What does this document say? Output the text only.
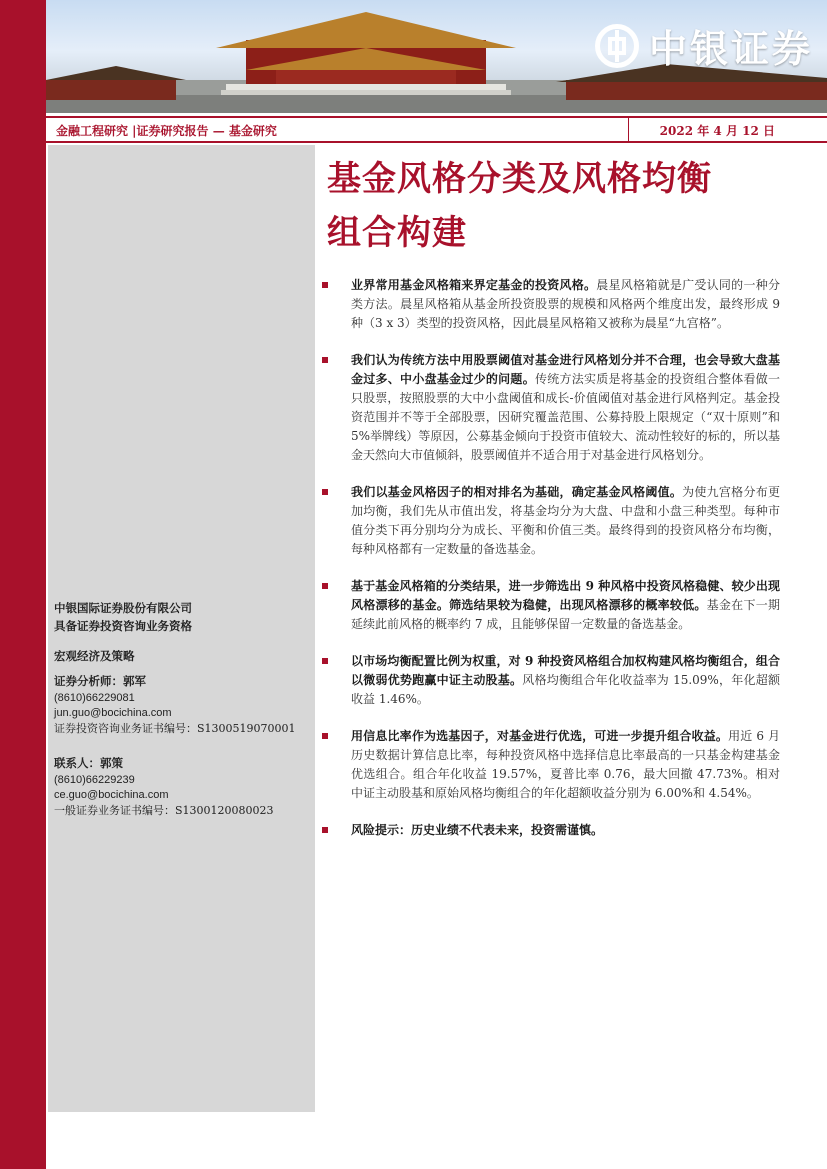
中银证券
金融工程研究 |证券研究报告 — 基金研究	2022 年 4 月 12 日
中银国际证券股份有限公司
具备证券投资咨询业务资格
宏观经济及策略
证券分析师：郭军
(8610)66229081
jun.guo@bocichina.com
证券投资咨询业务证书编号：S1300519070001
联系人：郭策
(8610)66229239
ce.guo@bocichina.com
一般证券业务证书编号：S1300120080023
基金风格分类及风格均衡
组合构建
业界常用基金风格箱来界定基金的投资风格。晨星风格箱就是广受认同的一种分类方法。晨星风格箱从基金所投资股票的规模和风格两个维度出发，最终形成 9 种（3 x 3）类型的投资风格，因此晨星风格箱又被称为晨星“九宫格”。
我们认为传统方法中用股票阈值对基金进行风格划分并不合理，也会导致大盘基金过多、中小盘基金过少的问题。传统方法实质是将基金的投资组合整体看做一只股票，按照股票的大中小盘阈值和成长-价值阈值对基金进行风格判定。基金投资范围并不等于全部股票，因研究覆盖范围、公募持股上限规定（“双十原则”和 5%举牌线）等原因，公募基金倾向于投资市值较大、流动性较好的标的，所以基金天然向大市值倾斜，股票阈值并不适合用于对基金进行风格划分。
我们以基金风格因子的相对排名为基础，确定基金风格阈值。为使九宫格分布更加均衡，我们先从市值出发，将基金均分为大盘、中盘和小盘三种类型。每种市值分类下再分别均分为成长、平衡和价值三类。最终得到的投资风格分布均衡，每种风格都有一定数量的备选基金。
基于基金风格箱的分类结果，进一步筛选出 9 种风格中投资风格稳健、较少出现风格漂移的基金。筛选结果较为稳健，出现风格漂移的概率较低。基金在下一期延续此前风格的概率约 7 成，且能够保留一定数量的备选基金。
以市场均衡配置比例为权重，对 9 种投资风格组合加权构建风格均衡组合，组合以微弱优势跑赢中证主动股基。风格均衡组合年化收益率为 15.09%，年化超额收益 1.46%。
用信息比率作为选基因子，对基金进行优选，可进一步提升组合收益。用近 6 月历史数据计算信息比率，每种投资风格中选择信息比率最高的一只基金构建基金优选组合。组合年化收益 19.57%，夏普比率 0.76，最大回撤 47.73%。相对中证主动股基和原始风格均衡组合的年化超额收益分别为 6.00%和 4.54%。
风险提示：历史业绩不代表未来，投资需谨慎。
